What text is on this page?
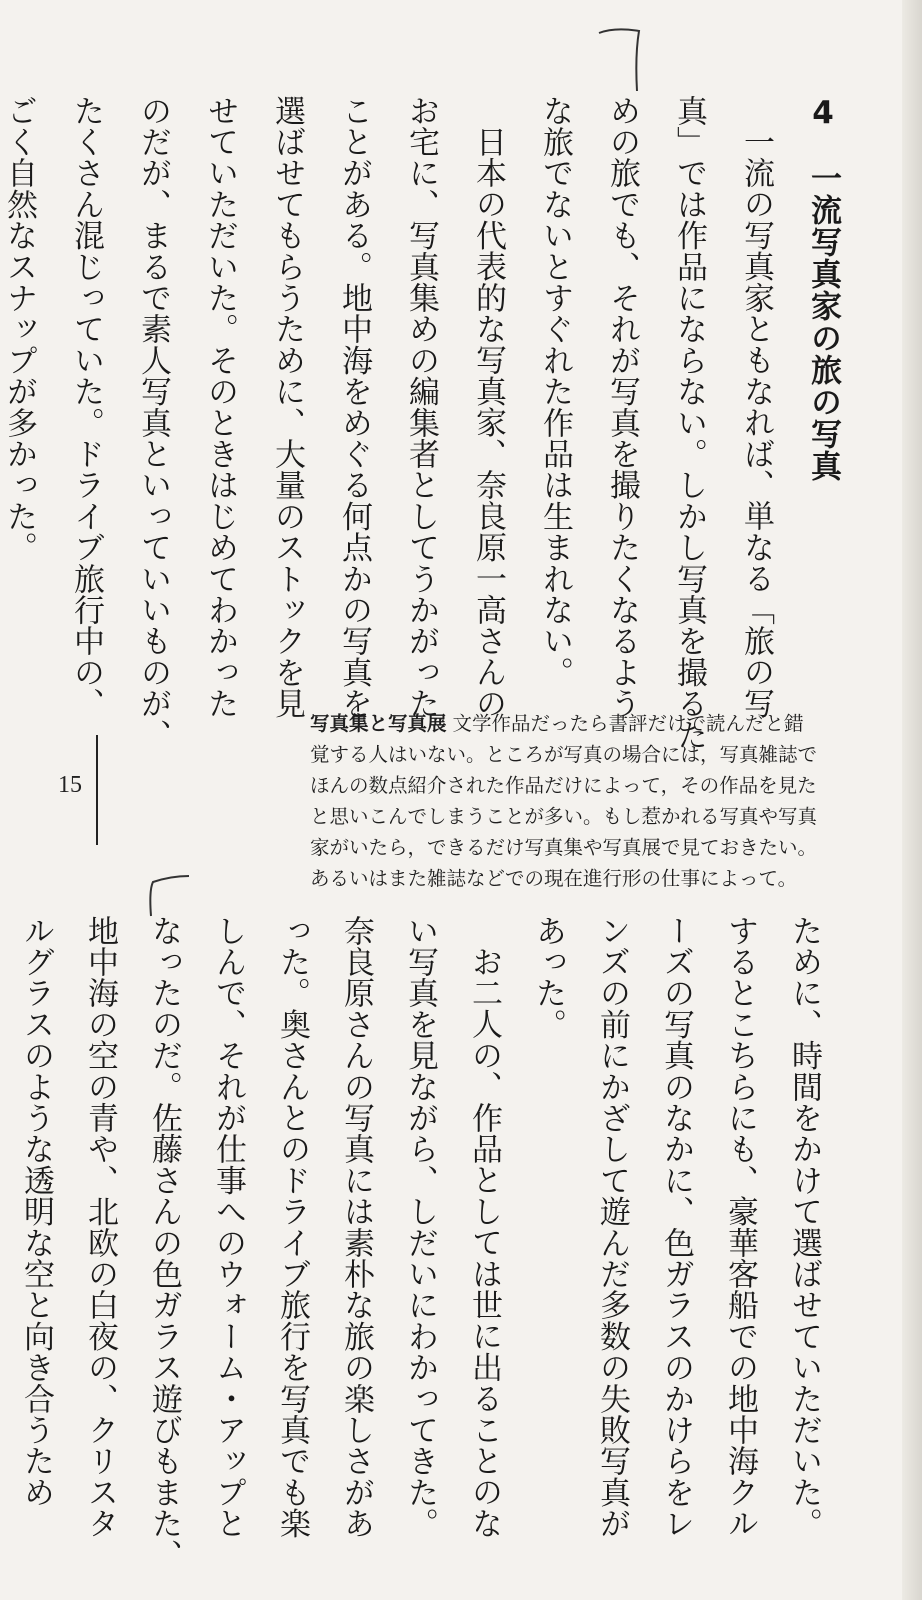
4　一流写真家の旅の写真
一流の写真家ともなれば、単なる「旅の写
真」では作品にならない。しかし写真を撮るた
めの旅でも、それが写真を撮りたくなるよう
な旅でないとすぐれた作品は生まれない。
日本の代表的な写真家、奈良原一高さんの
お宅に、写真集めの編集者としてうかがった
ことがある。地中海をめぐる何点かの写真を
選ばせてもらうために、大量のストックを見
せていただいた。そのときはじめてわかった
のだが、まるで素人写真といっていいものが、
たくさん混じっていた。ドライブ旅行中の、
ごく自然なスナップが多かった。
写真集と写真展 文学作品だったら書評だけで読んだと錯
覚する人はいない。ところが写真の場合には，写真雑誌で
ほんの数点紹介された作品だけによって，その作品を見た
と思いこんでしまうことが多い。もし惹かれる写真や写真
家がいたら，できるだけ写真集や写真展で見ておきたい。
あるいはまた雑誌などでの現在進行形の仕事によって。
15
ために、時間をかけて選ばせていただいた。
するとこちらにも、豪華客船での地中海クル
ーズの写真のなかに、色ガラスのかけらをレ
ンズの前にかざして遊んだ多数の失敗写真が
あった。
お二人の、作品としては世に出ることのな
い写真を見ながら、しだいにわかってきた。
奈良原さんの写真には素朴な旅の楽しさがあ
った。奥さんとのドライブ旅行を写真でも楽
しんで、それが仕事へのウォーム・アップと
なったのだ。佐藤さんの色ガラス遊びもまた、
地中海の空の青や、北欧の白夜の、クリスタ
ルグラスのような透明な空と向き合うため
